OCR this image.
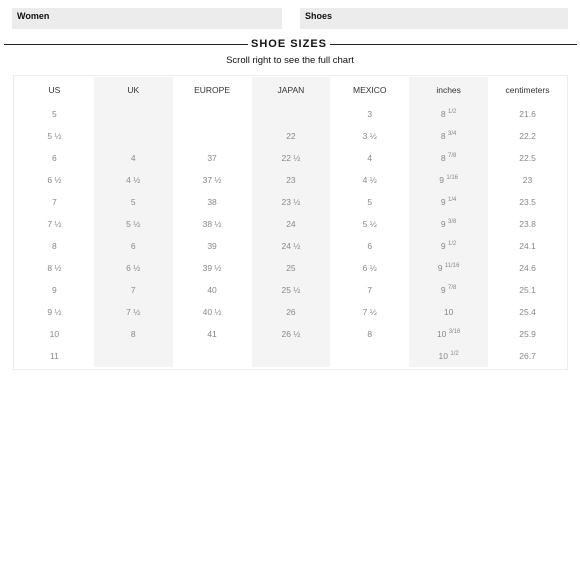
Women	Shoes
SHOE SIZES
Scroll right to see the full chart
US	UK	EUROPE	JAPAN	MEXICO	inches	centimeters
5				3	8 $^{1/2}$	21.6
5 ½			22	3 ½	8 $^{3/4}$	22.2
6	4	37	22 ½	4	8 $^{7/8}$	22.5
6 ½	4 ½	37 ½	23	4 ½	9 $^{1/16}$	23
7	5	38	23 ½	5	9 $^{1/4}$	23.5
7 ½	5 ½	38 ½	24	5 ½	9 $^{3/8}$	23.8
8	6	39	24 ½	6	9 $^{1/2}$	24.1
8 ½	6 ½	39 ½	25	6 ½	9 $^{11/16}$	24.6
9	7	40	25 ½	7	9 $^{7/8}$	25.1
9 ½	7 ½	40 ½	26	7 ½	10	25.4
10	8	41	26 ½	8	10 $^{3/16}$	25.9
11					10 $^{1/2}$	26.7
